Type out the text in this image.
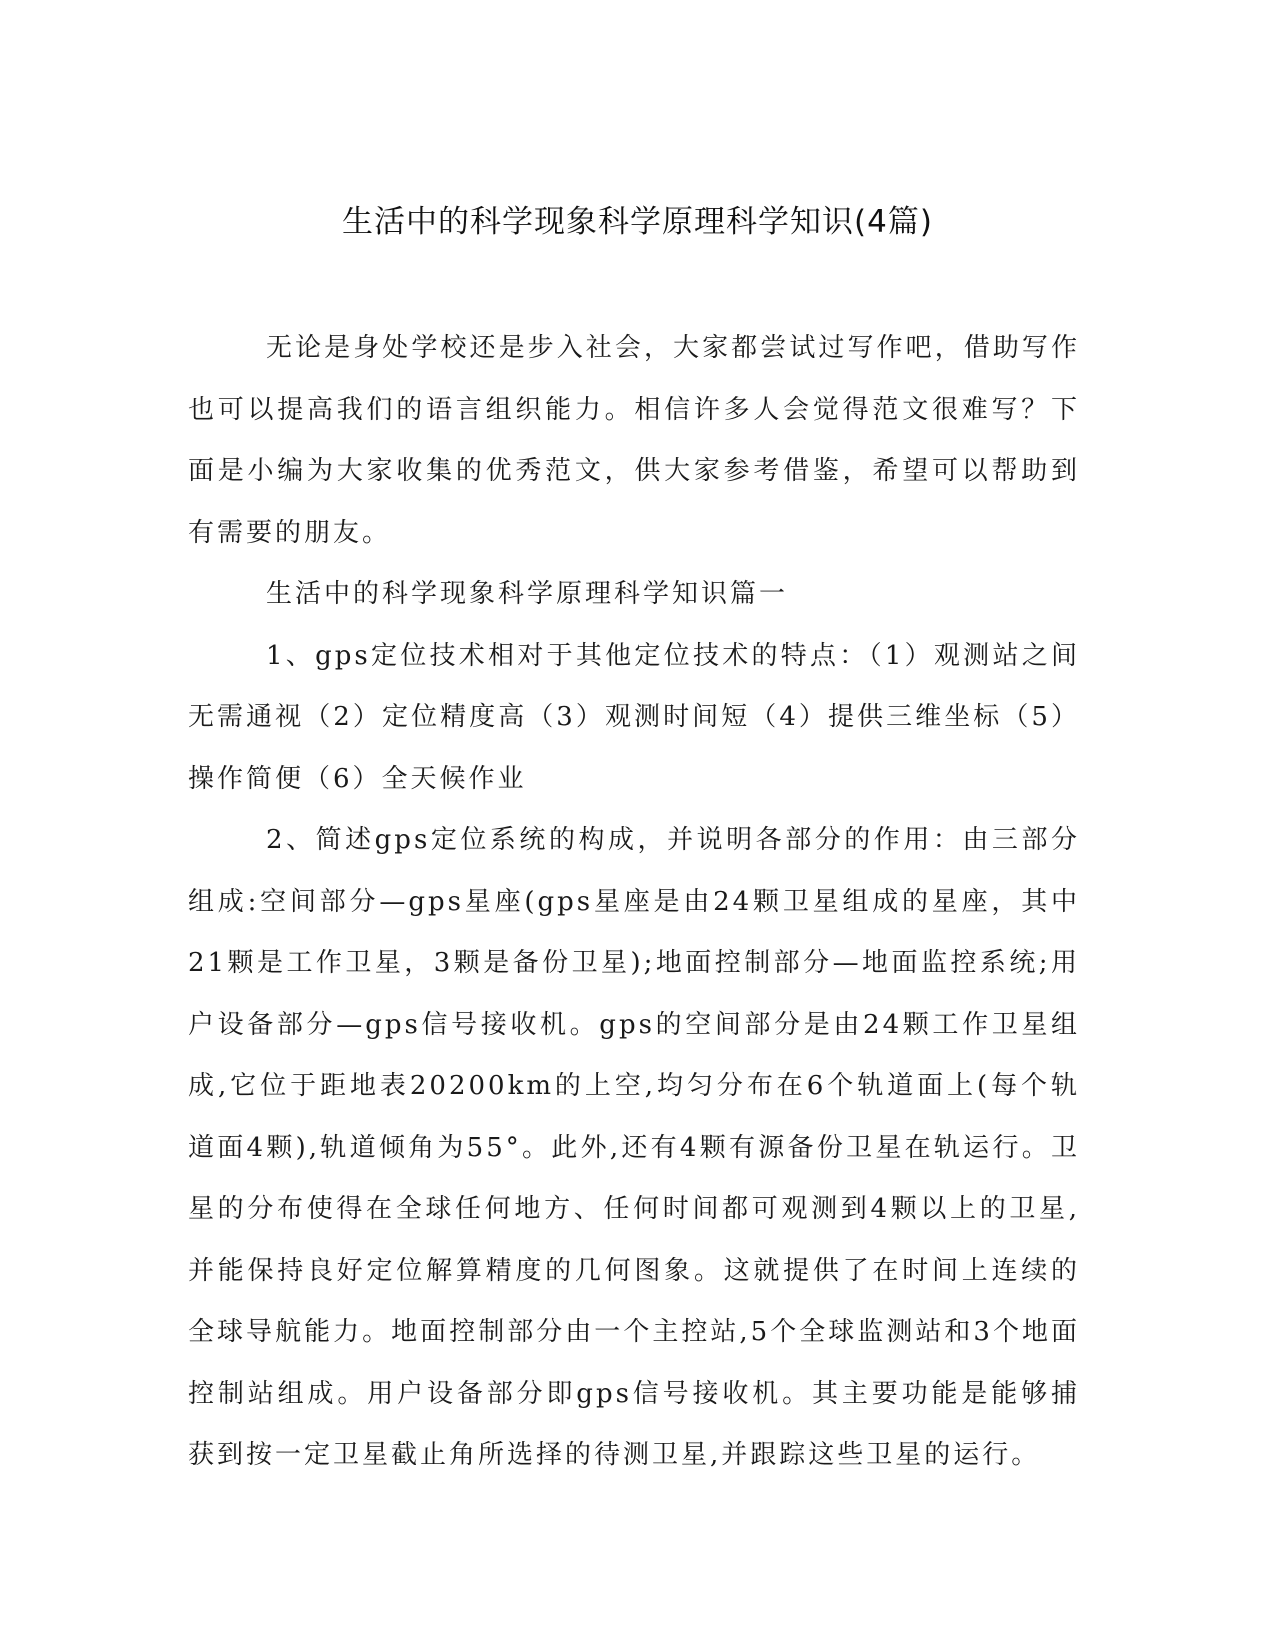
生活中的科学现象科学原理科学知识(4篇)

无论是身处学校还是步入社会，大家都尝试过写作吧，借助写作也可以提高我们的语言组织能力。相信许多人会觉得范文很难写？下面是小编为大家收集的优秀范文，供大家参考借鉴，希望可以帮助到有需要的朋友。

生活中的科学现象科学原理科学知识篇一

1、gps定位技术相对于其他定位技术的特点：（1）观测站之间无需通视（2）定位精度高（3）观测时间短（4）提供三维坐标（5）操作简便（6）全天候作业

2、简述gps定位系统的构成，并说明各部分的作用：由三部分组成:空间部分—gps星座(gps星座是由24颗卫星组成的星座，其中21颗是工作卫星，3颗是备份卫星);地面控制部分—地面监控系统;用户设备部分—gps信号接收机。gps的空间部分是由24颗工作卫星组成,它位于距地表20200km的上空,均匀分布在6个轨道面上(每个轨道面4颗),轨道倾角为55°。此外,还有4颗有源备份卫星在轨运行。卫星的分布使得在全球任何地方、任何时间都可观测到4颗以上的卫星,并能保持良好定位解算精度的几何图象。这就提供了在时间上连续的全球导航能力。地面控制部分由一个主控站,5个全球监测站和3个地面控制站组成。用户设备部分即gps信号接收机。其主要功能是能够捕获到按一定卫星截止角所选择的待测卫星,并跟踪这些卫星的运行。
